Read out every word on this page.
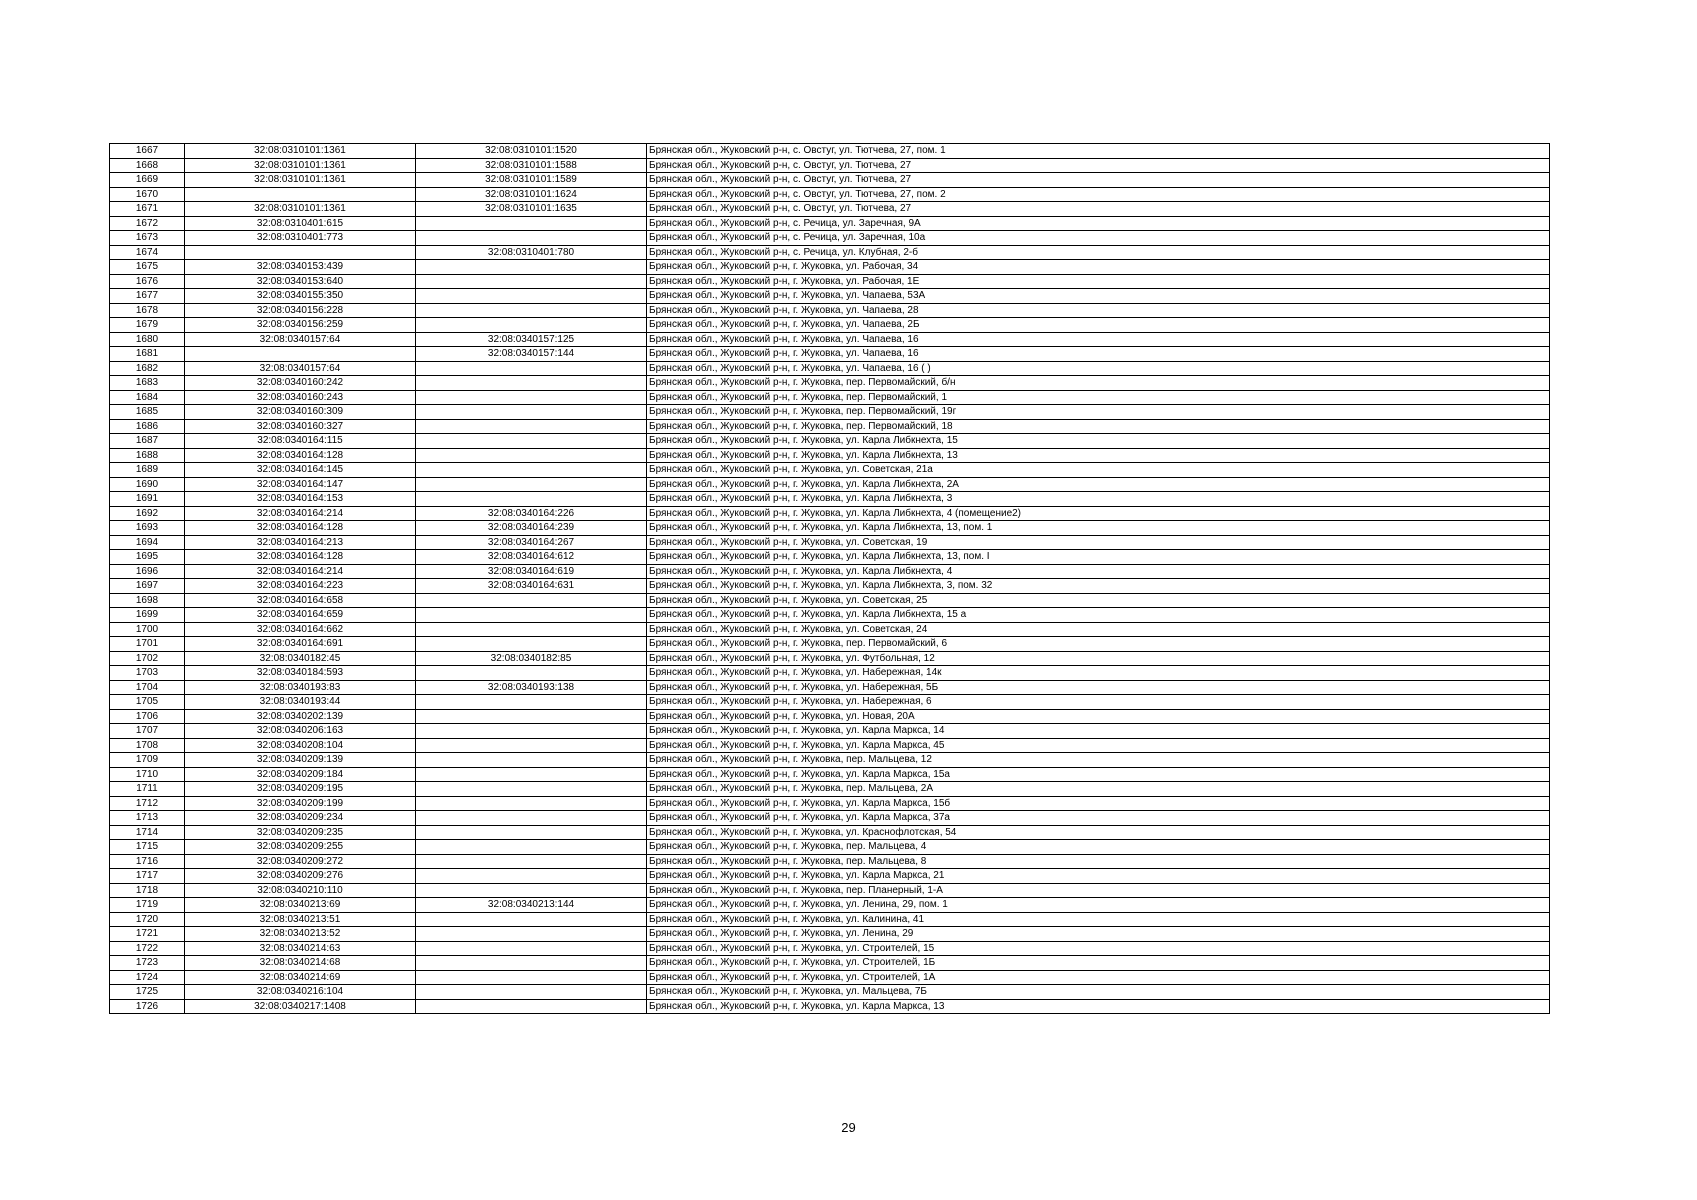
1667	32:08:0310101:1361	32:08:0310101:1520	Брянская обл., Жуковский р-н, с. Овстуг, ул. Тютчева, 27, пом. 1
1668	32:08:0310101:1361	32:08:0310101:1588	Брянская обл., Жуковский р-н, с. Овстуг, ул. Тютчева, 27
1669	32:08:0310101:1361	32:08:0310101:1589	Брянская обл., Жуковский р-н, с. Овстуг, ул. Тютчева, 27
1670		32:08:0310101:1624	Брянская обл., Жуковский р-н, с. Овстуг, ул. Тютчева, 27, пом. 2
1671	32:08:0310101:1361	32:08:0310101:1635	Брянская обл., Жуковский р-н, с. Овстуг, ул. Тютчева, 27
1672	32:08:0310401:615		Брянская обл., Жуковский р-н, с. Речица, ул. Заречная, 9А
1673	32:08:0310401:773		Брянская обл., Жуковский р-н, с. Речица, ул. Заречная, 10а
1674		32:08:0310401:780	Брянская обл., Жуковский р-н, с. Речица, ул. Клубная, 2-б
1675	32:08:0340153:439		Брянская обл., Жуковский р-н, г. Жуковка, ул. Рабочая, 34
1676	32:08:0340153:640		Брянская обл., Жуковский р-н, г. Жуковка, ул. Рабочая, 1Е
1677	32:08:0340155:350		Брянская обл., Жуковский р-н, г. Жуковка, ул. Чапаева, 53А
1678	32:08:0340156:228		Брянская обл., Жуковский р-н, г. Жуковка, ул. Чапаева, 28
1679	32:08:0340156:259		Брянская обл., Жуковский р-н, г. Жуковка, ул. Чапаева, 2Б
1680	32:08:0340157:64	32:08:0340157:125	Брянская обл., Жуковский р-н, г. Жуковка, ул. Чапаева, 16
1681		32:08:0340157:144	Брянская обл., Жуковский р-н, г. Жуковка, ул. Чапаева, 16
1682	32:08:0340157:64		Брянская обл., Жуковский р-н, г. Жуковка, ул. Чапаева, 16 ( )
1683	32:08:0340160:242		Брянская обл., Жуковский р-н, г. Жуковка, пер. Первомайский, б/н
1684	32:08:0340160:243		Брянская обл., Жуковский р-н, г. Жуковка, пер. Первомайский, 1
1685	32:08:0340160:309		Брянская обл., Жуковский р-н, г. Жуковка, пер. Первомайский, 19г
1686	32:08:0340160:327		Брянская обл., Жуковский р-н, г. Жуковка, пер. Первомайский, 18
1687	32:08:0340164:115		Брянская обл., Жуковский р-н, г. Жуковка, ул. Карла Либкнехта, 15
1688	32:08:0340164:128		Брянская обл., Жуковский р-н, г. Жуковка, ул. Карла Либкнехта, 13
1689	32:08:0340164:145		Брянская обл., Жуковский р-н, г. Жуковка, ул. Советская, 21а
1690	32:08:0340164:147		Брянская обл., Жуковский р-н, г. Жуковка, ул. Карла Либкнехта, 2А
1691	32:08:0340164:153		Брянская обл., Жуковский р-н, г. Жуковка, ул. Карла Либкнехта, 3
1692	32:08:0340164:214	32:08:0340164:226	Брянская обл., Жуковский р-н, г. Жуковка, ул. Карла Либкнехта, 4 (помещение2)
1693	32:08:0340164:128	32:08:0340164:239	Брянская обл., Жуковский р-н, г. Жуковка, ул. Карла Либкнехта, 13, пом. 1
1694	32:08:0340164:213	32:08:0340164:267	Брянская обл., Жуковский р-н, г. Жуковка, ул. Советская, 19
1695	32:08:0340164:128	32:08:0340164:612	Брянская обл., Жуковский р-н, г. Жуковка, ул. Карла Либкнехта, 13, пом. I
1696	32:08:0340164:214	32:08:0340164:619	Брянская обл., Жуковский р-н, г. Жуковка, ул. Карла Либкнехта, 4
1697	32:08:0340164:223	32:08:0340164:631	Брянская обл., Жуковский р-н, г. Жуковка, ул. Карла Либкнехта, 3, пом. 32
1698	32:08:0340164:658		Брянская обл., Жуковский р-н, г. Жуковка, ул. Советская, 25
1699	32:08:0340164:659		Брянская обл., Жуковский р-н, г. Жуковка, ул. Карла Либкнехта, 15 а
1700	32:08:0340164:662		Брянская обл., Жуковский р-н, г. Жуковка, ул. Советская, 24
1701	32:08:0340164:691		Брянская обл., Жуковский р-н, г. Жуковка, пер. Первомайский, 6
1702	32:08:0340182:45	32:08:0340182:85	Брянская обл., Жуковский р-н, г. Жуковка, ул. Футбольная, 12
1703	32:08:0340184:593		Брянская обл., Жуковский р-н, г. Жуковка, ул. Набережная, 14к
1704	32:08:0340193:83	32:08:0340193:138	Брянская обл., Жуковский р-н, г. Жуковка, ул. Набережная, 5Б
1705	32:08:0340193:44		Брянская обл., Жуковский р-н, г. Жуковка, ул. Набережная, 6
1706	32:08:0340202:139		Брянская обл., Жуковский р-н, г. Жуковка, ул. Новая, 20А
1707	32:08:0340206:163		Брянская обл., Жуковский р-н, г. Жуковка, ул. Карла Маркса, 14
1708	32:08:0340208:104		Брянская обл., Жуковский р-н, г. Жуковка, ул. Карла Маркса, 45
1709	32:08:0340209:139		Брянская обл., Жуковский р-н, г. Жуковка, пер. Мальцева, 12
1710	32:08:0340209:184		Брянская обл., Жуковский р-н, г. Жуковка, ул. Карла Маркса, 15а
1711	32:08:0340209:195		Брянская обл., Жуковский р-н, г. Жуковка, пер. Мальцева, 2А
1712	32:08:0340209:199		Брянская обл., Жуковский р-н, г. Жуковка, ул. Карла Маркса, 15б
1713	32:08:0340209:234		Брянская обл., Жуковский р-н, г. Жуковка, ул. Карла Маркса, 37а
1714	32:08:0340209:235		Брянская обл., Жуковский р-н, г. Жуковка, ул. Краснофлотская, 54
1715	32:08:0340209:255		Брянская обл., Жуковский р-н, г. Жуковка, пер. Мальцева, 4
1716	32:08:0340209:272		Брянская обл., Жуковский р-н, г. Жуковка, пер. Мальцева, 8
1717	32:08:0340209:276		Брянская обл., Жуковский р-н, г. Жуковка, ул. Карла Маркса, 21
1718	32:08:0340210:110		Брянская обл., Жуковский р-н, г. Жуковка, пер. Планерный, 1-А
1719	32:08:0340213:69	32:08:0340213:144	Брянская обл., Жуковский р-н, г. Жуковка, ул. Ленина, 29, пом. 1
1720	32:08:0340213:51		Брянская обл., Жуковский р-н, г. Жуковка, ул. Калинина, 41
1721	32:08:0340213:52		Брянская обл., Жуковский р-н, г. Жуковка, ул. Ленина, 29
1722	32:08:0340214:63		Брянская обл., Жуковский р-н, г. Жуковка, ул. Строителей, 15
1723	32:08:0340214:68		Брянская обл., Жуковский р-н, г. Жуковка, ул. Строителей, 1Б
1724	32:08:0340214:69		Брянская обл., Жуковский р-н, г. Жуковка, ул. Строителей, 1А
1725	32:08:0340216:104		Брянская обл., Жуковский р-н, г. Жуковка, ул. Мальцева, 7Б
1726	32:08:0340217:1408		Брянская обл., Жуковский р-н, г. Жуковка, ул. Карла Маркса, 13
29
